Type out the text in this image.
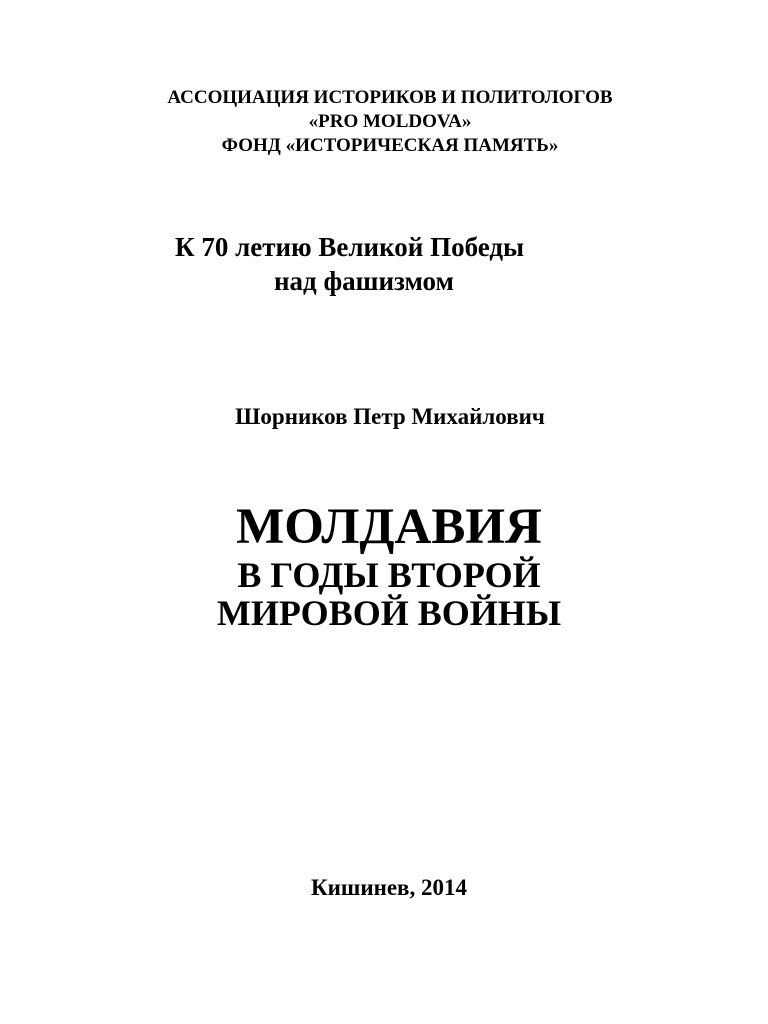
АССОЦИАЦИЯ ИСТОРИКОВ И ПОЛИТОЛОГОВ
«PRO MOLDOVA»
ФОНД «ИСТОРИЧЕСКАЯ ПАМЯТЬ»
К 70 летию Великой Победы
над фашизмом
Шорников Петр Михайлович
МОЛДАВИЯ
В ГОДЫ ВТОРОЙ
МИРОВОЙ ВОЙНЫ
Кишинев, 2014
